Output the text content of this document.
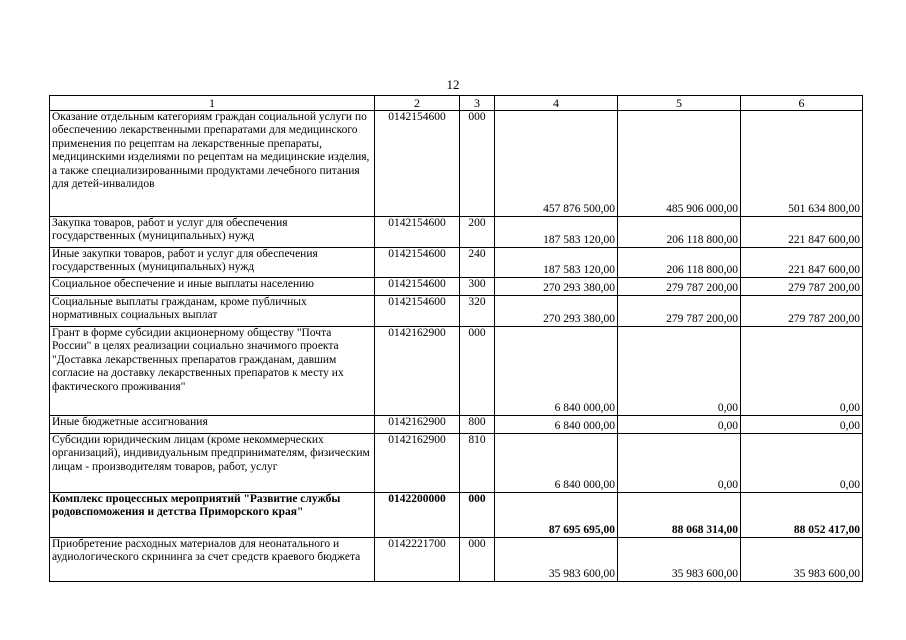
12
1	2	3	4	5	6
Оказание отдельным категориям граждан социальной услуги по обеспечению лекарственными препаратами для медицинского применения по рецептам на лекарственные препараты, медицинскими изделиями по рецептам на медицинские изделия, а также специализированными продуктами лечебного питания для детей-инвалидов	0142154600	000	457 876 500,00	485 906 000,00	501 634 800,00
Закупка товаров, работ и услуг для обеспечения государственных (муниципальных) нужд	0142154600	200	187 583 120,00	206 118 800,00	221 847 600,00
Иные закупки товаров, работ и услуг для обеспечения государственных (муниципальных) нужд	0142154600	240	187 583 120,00	206 118 800,00	221 847 600,00
Социальное обеспечение и иные выплаты населению	0142154600	300	270 293 380,00	279 787 200,00	279 787 200,00
Социальные выплаты гражданам, кроме публичных нормативных социальных выплат	0142154600	320	270 293 380,00	279 787 200,00	279 787 200,00
Грант в форме субсидии акционерному обществу "Почта России" в целях реализации социально значимого проекта "Доставка лекарственных препаратов гражданам, давшим согласие на доставку лекарственных препаратов к месту их фактического проживания"	0142162900	000	6 840 000,00	0,00	0,00
Иные бюджетные ассигнования	0142162900	800	6 840 000,00	0,00	0,00
Субсидии юридическим лицам (кроме некоммерческих организаций), индивидуальным предпринимателям, физическим лицам - производителям товаров, работ, услуг	0142162900	810	6 840 000,00	0,00	0,00
Комплекс процессных мероприятий "Развитие службы родовспоможения и детства Приморского края"	0142200000	000	87 695 695,00	88 068 314,00	88 052 417,00
Приобретение расходных материалов для неонатального и аудиологического скрининга за счет средств краевого бюджета	0142221700	000	35 983 600,00	35 983 600,00	35 983 600,00
